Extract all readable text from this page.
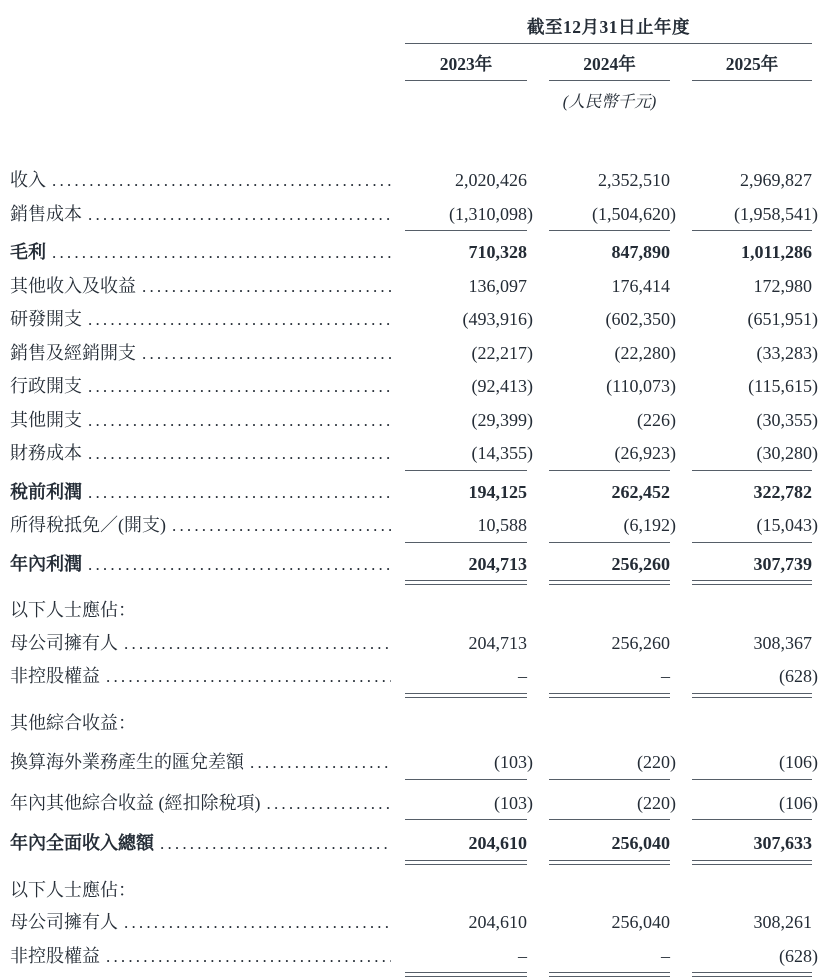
截至12月31日止年度
2023年	2024年	2025年
(人民幣千元)
收入 .....	2,020,426	2,352,510	2,969,827
銷售成本 .....	(1,310,098)	(1,504,620)	(1,958,541)
毛利 .....	710,328	847,890	1,011,286
其他收入及收益 .....	136,097	176,414	172,980
研發開支 .....	(493,916)	(602,350)	(651,951)
銷售及經銷開支 .....	(22,217)	(22,280)	(33,283)
行政開支 .....	(92,413)	(110,073)	(115,615)
其他開支 .....	(29,399)	(226)	(30,355)
財務成本 .....	(14,355)	(26,923)	(30,280)
稅前利潤 .....	194,125	262,452	322,782
所得稅抵免／(開支) .....	10,588	(6,192)	(15,043)
年內利潤 .....	204,713	256,260	307,739
以下人士應佔：
母公司擁有人 .....	204,713	256,260	308,367
非控股權益 .....	–	–	(628)
其他綜合收益：
換算海外業務產生的匯兌差額 .....	(103)	(220)	(106)
年內其他綜合收益 (經扣除稅項) .....	(103)	(220)	(106)
年內全面收入總額 .....	204,610	256,040	307,633
以下人士應佔：
母公司擁有人 .....	204,610	256,040	308,261
非控股權益 .....	–	–	(628)
